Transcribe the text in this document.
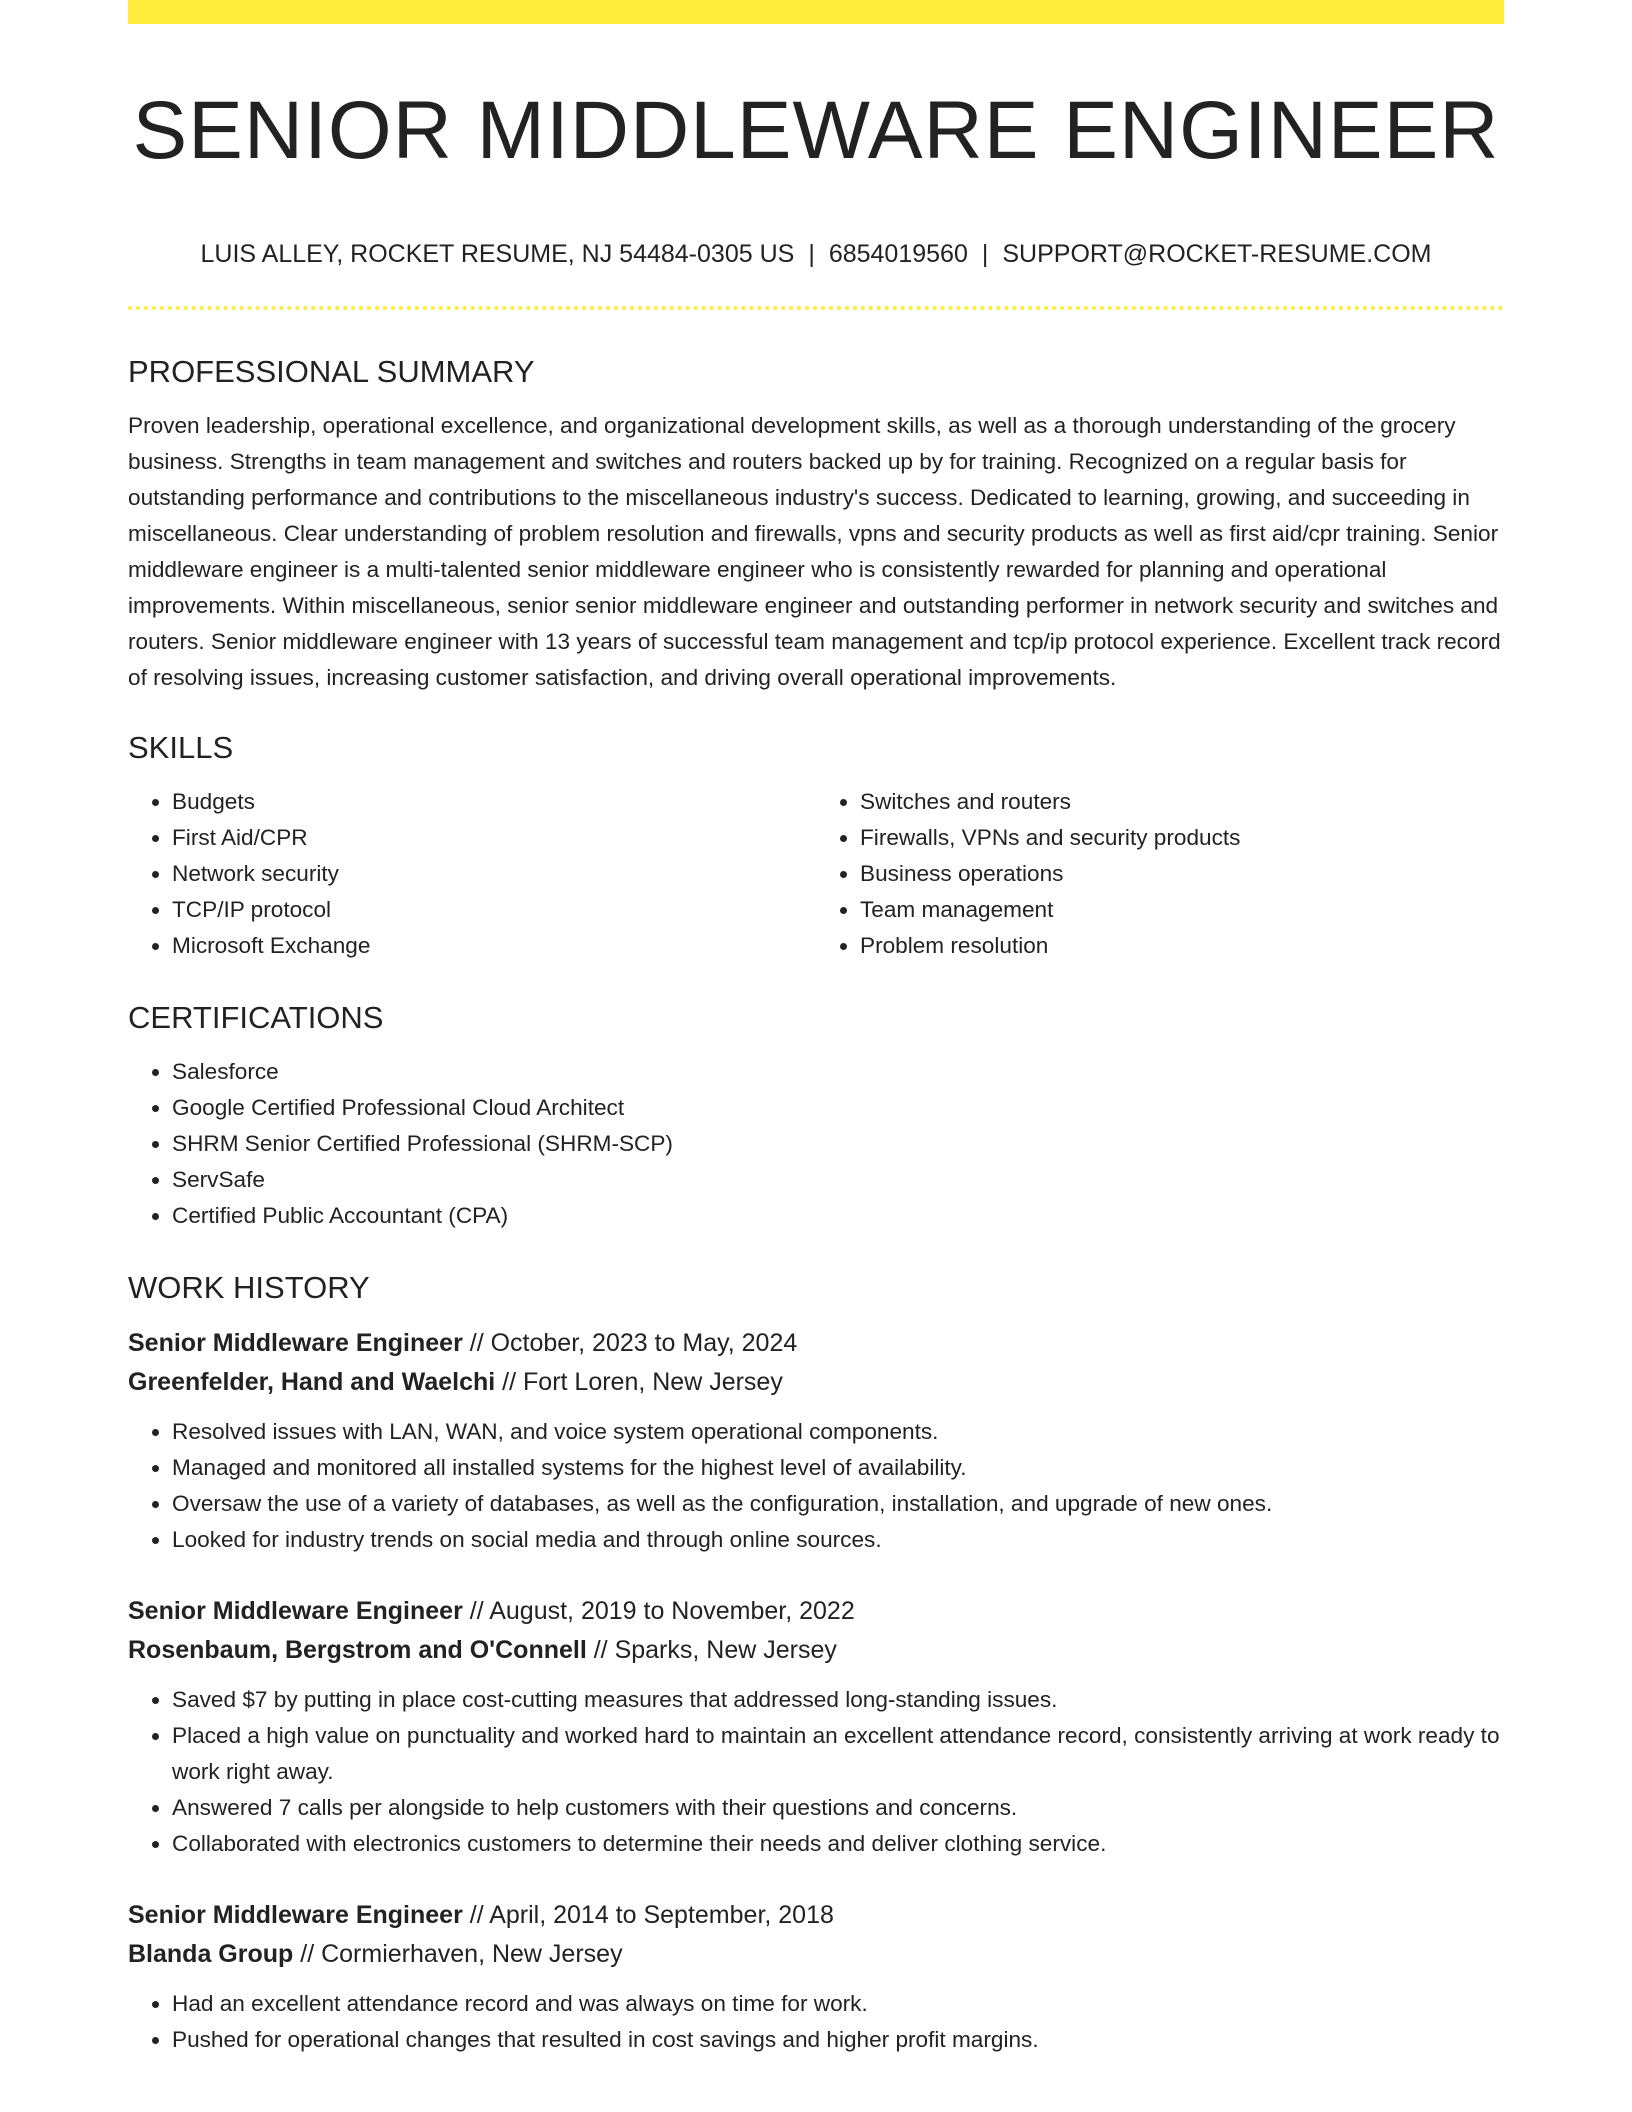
SENIOR MIDDLEWARE ENGINEER
LUIS ALLEY, ROCKET RESUME, NJ 54484-0305 US | 6854019560 | SUPPORT@ROCKET-RESUME.COM
PROFESSIONAL SUMMARY

Proven leadership, operational excellence, and organizational development skills, as well as a thorough understanding of the grocery business. Strengths in team management and switches and routers backed up by for training. Recognized on a regular basis for outstanding performance and contributions to the miscellaneous industry's success. Dedicated to learning, growing, and succeeding in miscellaneous. Clear understanding of problem resolution and firewalls, vpns and security products as well as first aid/cpr training. Senior middleware engineer is a multi-talented senior middleware engineer who is consistently rewarded for planning and operational improvements. Within miscellaneous, senior senior middleware engineer and outstanding performer in network security and switches and routers. Senior middleware engineer with 13 years of successful team management and tcp/ip protocol experience. Excellent track record of resolving issues, increasing customer satisfaction, and driving overall operational improvements.

SKILLS
• Budgets
• First Aid/CPR
• Network security
• TCP/IP protocol
• Microsoft Exchange
• Switches and routers
• Firewalls, VPNs and security products
• Business operations
• Team management
• Problem resolution
CERTIFICATIONS
• Salesforce
• Google Certified Professional Cloud Architect
• SHRM Senior Certified Professional (SHRM-SCP)
• ServSafe
• Certified Public Accountant (CPA)
WORK HISTORY
Senior Middleware Engineer // October, 2023 to May, 2024
Greenfelder, Hand and Waelchi // Fort Loren, New Jersey
• Resolved issues with LAN, WAN, and voice system operational components.
• Managed and monitored all installed systems for the highest level of availability.
• Oversaw the use of a variety of databases, as well as the configuration, installation, and upgrade of new ones.
• Looked for industry trends on social media and through online sources.
Senior Middleware Engineer // August, 2019 to November, 2022
Rosenbaum, Bergstrom and O'Connell // Sparks, New Jersey
• Saved $7 by putting in place cost-cutting measures that addressed long-standing issues.
• Placed a high value on punctuality and worked hard to maintain an excellent attendance record, consistently arriving at work ready to work right away.
• Answered 7 calls per alongside to help customers with their questions and concerns.
• Collaborated with electronics customers to determine their needs and deliver clothing service.
Senior Middleware Engineer // April, 2014 to September, 2018
Blanda Group // Cormierhaven, New Jersey
• Had an excellent attendance record and was always on time for work.
• Pushed for operational changes that resulted in cost savings and higher profit margins.
